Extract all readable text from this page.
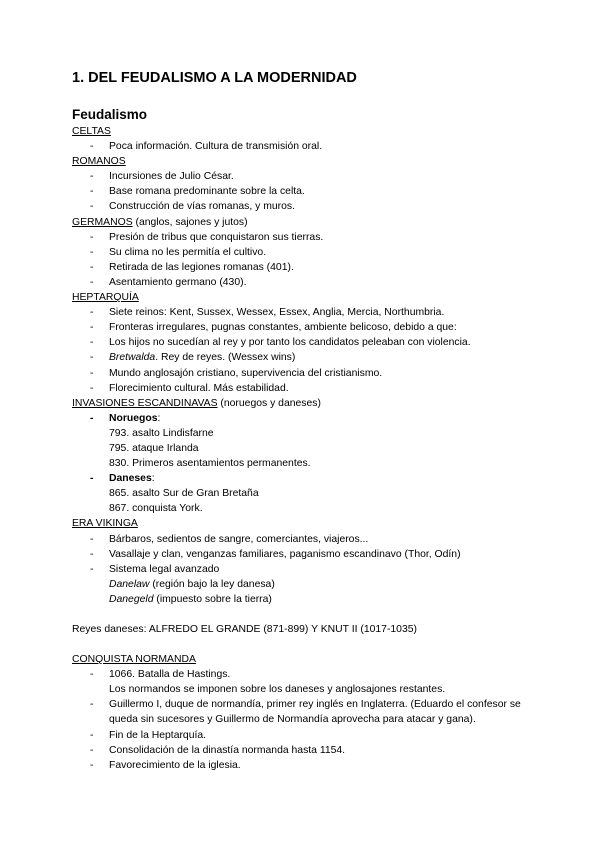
1. DEL FEUDALISMO A LA MODERNIDAD
Feudalismo
CELTAS
- Poca información. Cultura de transmisión oral.
ROMANOS
- Incursiones de Julio César.
- Base romana predominante sobre la celta.
- Construcción de vías romanas, y muros.
GERMANOS (anglos, sajones y jutos)
- Presión de tribus que conquistaron sus tierras.
- Su clima no les permitía el cultivo.
- Retirada de las legiones romanas (401).
- Asentamiento germano (430).
HEPTARQUÍA
- Siete reinos: Kent, Sussex, Wessex, Essex, Anglia, Mercia, Northumbria.
- Fronteras irregulares, pugnas constantes, ambiente belicoso, debido a que:
- Los hijos no sucedían al rey y por tanto los candidatos peleaban con violencia.
- Bretwalda. Rey de reyes. (Wessex wins)
- Mundo anglosajón cristiano, supervivencia del cristianismo.
- Florecimiento cultural. Más estabilidad.
INVASIONES ESCANDINAVAS (noruegos y daneses)
- Noruegos:
793. asalto Lindisfarne
795. ataque Irlanda
830. Primeros asentamientos permanentes.
- Daneses:
865. asalto Sur de Gran Bretaña
867. conquista York.
ERA VIKINGA
- Bárbaros, sedientos de sangre, comerciantes, viajeros...
- Vasallaje y clan, venganzas familiares, paganismo escandinavo (Thor, Odín)
- Sistema legal avanzado
Danelaw (región bajo la ley danesa)
Danegeld (impuesto sobre la tierra)
Reyes daneses: ALFREDO EL GRANDE (871-899) Y KNUT II (1017-1035)
CONQUISTA NORMANDA
- 1066. Batalla de Hastings.
Los normandos se imponen sobre los daneses y anglosajones restantes.
- Guillermo I, duque de normandía, primer rey inglés en Inglaterra. (Eduardo el confesor se queda sin sucesores y Guillermo de Normandía aprovecha para atacar y gana).
- Fin de la Heptarquía.
- Consolidación de la dinastía normanda hasta 1154.
- Favorecimiento de la iglesia.
